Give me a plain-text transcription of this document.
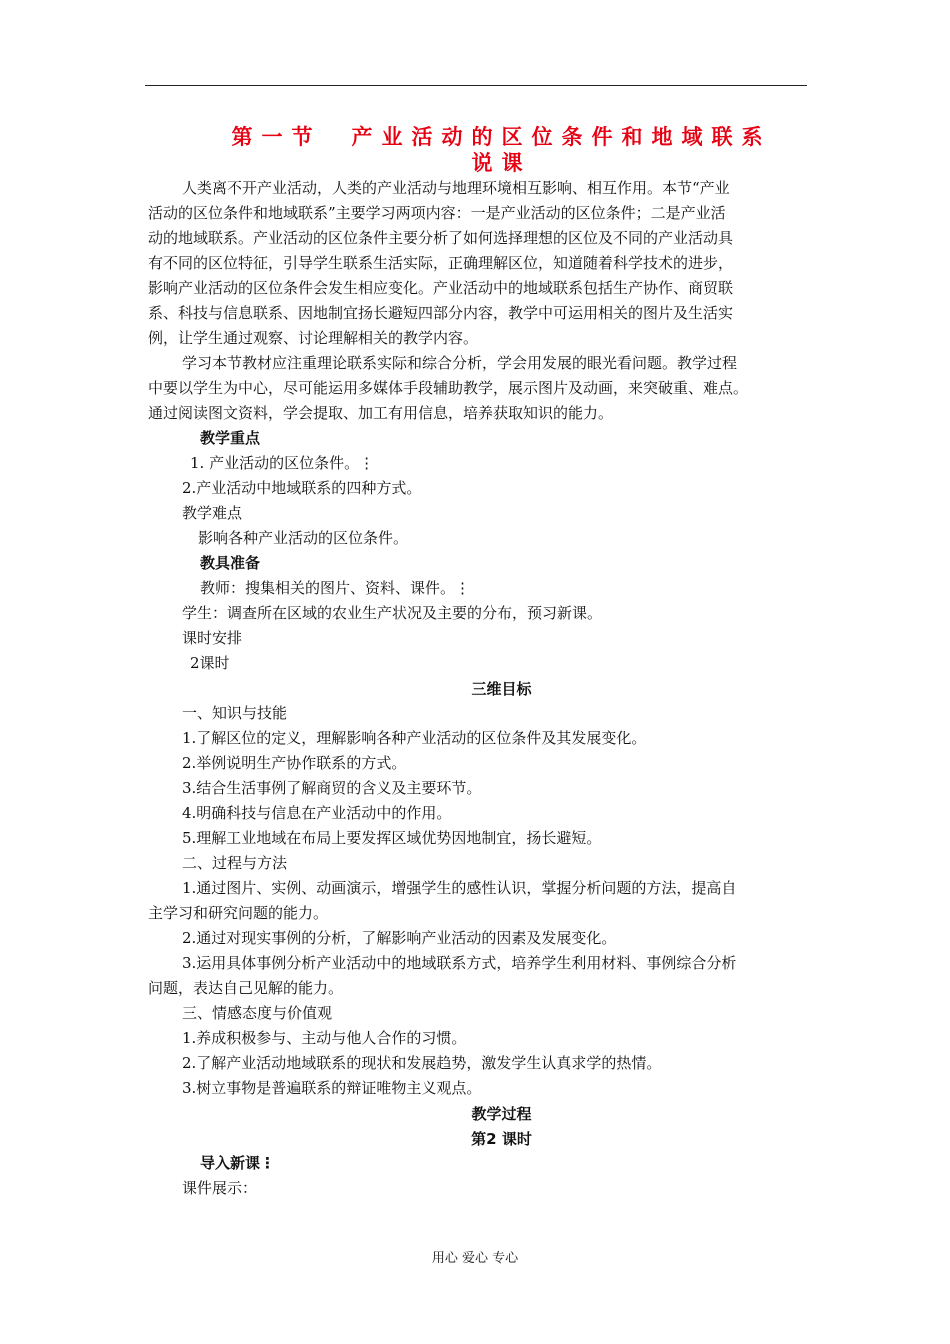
第一节　产业活动的区位条件和地域联系
说课
人类离不开产业活动，人类的产业活动与地理环境相互影响、相互作用。本节“产业
活动的区位条件和地域联系”主要学习两项内容：一是产业活动的区位条件；二是产业活
动的地域联系。产业活动的区位条件主要分析了如何选择理想的区位及不同的产业活动具
有不同的区位特征，引导学生联系生活实际，正确理解区位，知道随着科学技术的进步，
影响产业活动的区位条件会发生相应变化。产业活动中的地域联系包括生产协作、商贸联
系、科技与信息联系、因地制宜扬长避短四部分内容，教学中可运用相关的图片及生活实
例，让学生通过观察、讨论理解相关的教学内容。
学习本节教材应注重理论联系实际和综合分析，学会用发展的眼光看问题。教学过程
中要以学生为中心，尽可能运用多媒体手段辅助教学，展示图片及动画，来突破重、难点。
通过阅读图文资料，学会提取、加工有用信息，培养获取知识的能力。
教学重点
1. 产业活动的区位条件。⋮
2.产业活动中地域联系的四种方式。
教学难点
影响各种产业活动的区位条件。
教具准备
教师：搜集相关的图片、资料、课件。⋮
学生：调查所在区域的农业生产状况及主要的分布，预习新课。
课时安排
2课时
三维目标
一、知识与技能
1.了解区位的定义，理解影响各种产业活动的区位条件及其发展变化。
2.举例说明生产协作联系的方式。
3.结合生活事例了解商贸的含义及主要环节。
4.明确科技与信息在产业活动中的作用。
5.理解工业地域在布局上要发挥区域优势因地制宜，扬长避短。
二、过程与方法
1.通过图片、实例、动画演示，增强学生的感性认识，掌握分析问题的方法，提高自
主学习和研究问题的能力。
2.通过对现实事例的分析，了解影响产业活动的因素及发展变化。
3.运用具体事例分析产业活动中的地域联系方式，培养学生利用材料、事例综合分析
问题，表达自己见解的能力。
三、情感态度与价值观
1.养成积极参与、主动与他人合作的习惯。
2.了解产业活动地域联系的现状和发展趋势，激发学生认真求学的热情。
3.树立事物是普遍联系的辩证唯物主义观点。
教学过程
第2 课时
导入新课⋮
课件展示：
用心 爱心 专心
